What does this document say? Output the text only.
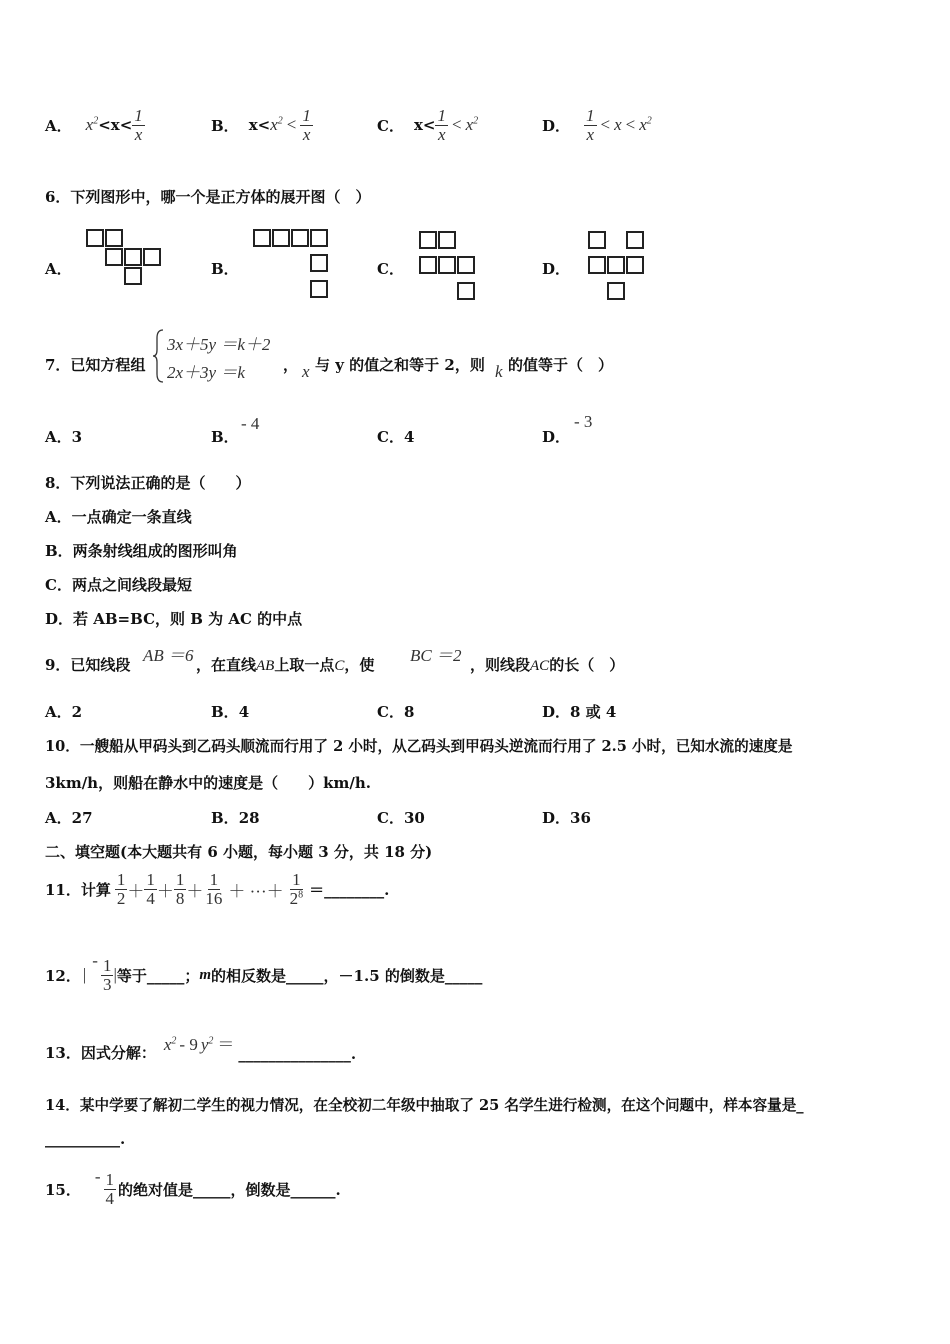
A． $x^2 <x< \frac{1}{x}$	B． $x< x^2 < \frac{1}{x}$	C． $x< \frac{1}{x} < x^2$	D． $\frac{1}{x} < x < x^2$
6．下列图形中，哪一个是正方体的展开图（　）
A．	B．	C．	D．
7．已知方程组
3x＋5y ＝k＋2
2x＋3y ＝k	， x 与 y 的值之和等于 2，则 k 的值等于（　）
A．3	B．
- 4
C．4	D．
- 3
8．下列说法正确的是（　　）
A．一点确定一条直线
B．两条射线组成的图形叫角
C．两点之间线段最短
D．若 AB=BC，则 B 为 AC 的中点
9．已知线段 AB ＝6 ，在直线AB上取一点C，使 BC ＝2 ，则线段AC的长（　）
A．2	B．4	C．8	D．8 或 4
10．一艘船从甲码头到乙码头顺流而行用了 2 小时，从乙码头到甲码头逆流而行用了 2.5 小时，已知水流的速度是
3km/h，则船在静水中的速度是（　　）km/h.
A．27	B．28	C．30	D．36
二、填空题(本大题共有 6 小题，每小题 3 分，共 18 分)
11．计算 $\frac{1}{2} + \frac{1}{4} + \frac{1}{8} + \frac{1}{16}$ ＋ ···＋ $\frac{1}{2^8}$ ＝________.
12． |
- $\frac{1}{3}$ | 等于_____； m 的相反数是_____，－1.5 的倒数是_____
13．因式分解： $x^2 - 9$ $y^2$ ＝ _______________.
14．某中学要了解初二学生的视力情况，在全校初二年级中抽取了 25 名学生进行检测，在这个问题中，样本容量是_
__________.
15．
- $\frac{1}{4}$ 的绝对值是_____，倒数是______.
